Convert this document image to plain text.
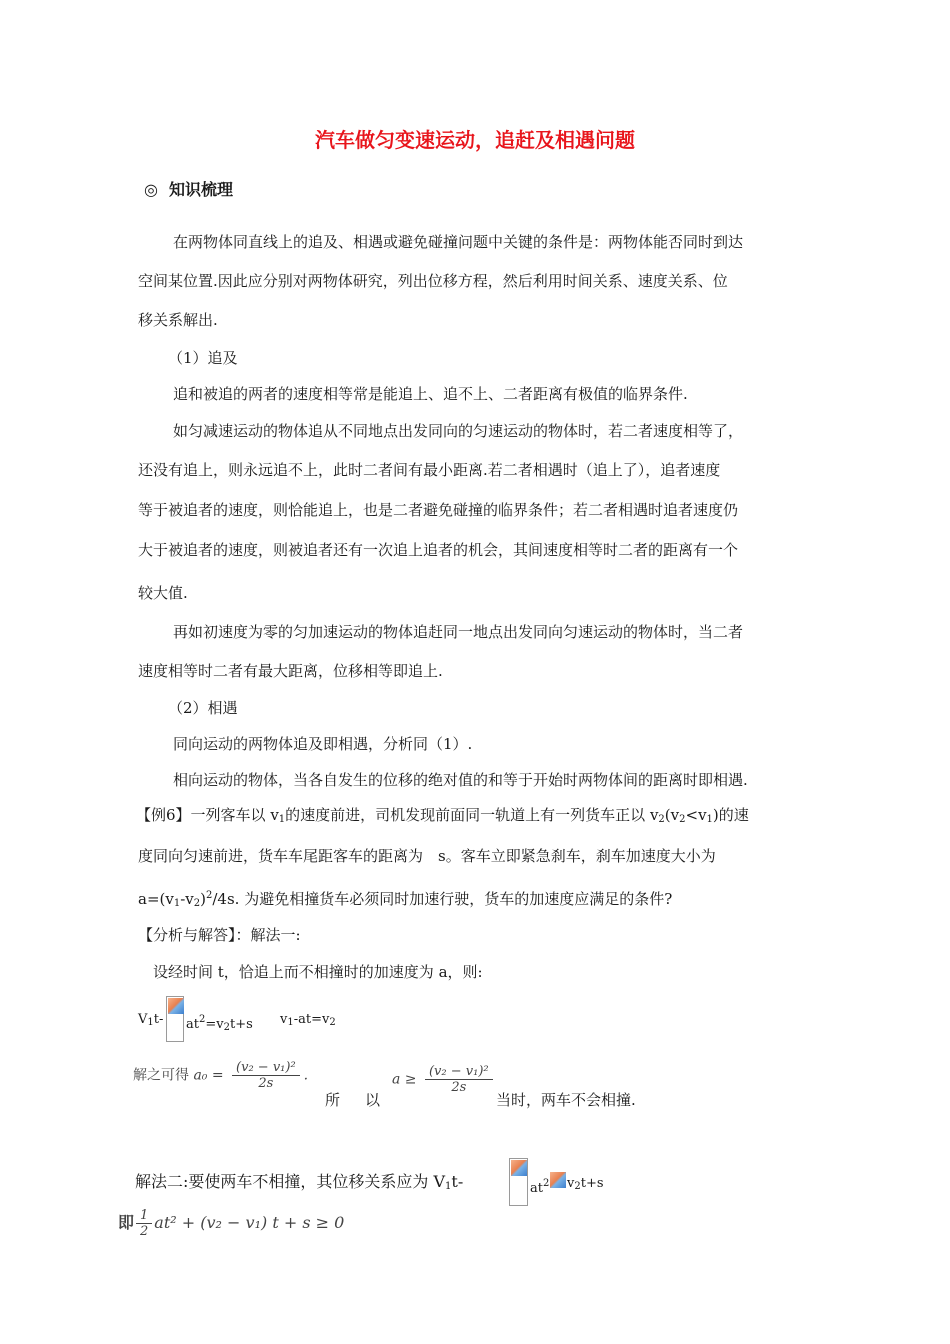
汽车做匀变速运动，追赶及相遇问题
◎ 知识梳理
在两物体同直线上的追及、相遇或避免碰撞问题中关键的条件是：两物体能否同时到达
空间某位置.因此应分别对两物体研究，列出位移方程，然后利用时间关系、速度关系、位
移关系解出.
（1）追及
追和被追的两者的速度相等常是能追上、追不上、二者距离有极值的临界条件.
如匀减速运动的物体追从不同地点出发同向的匀速运动的物体时，若二者速度相等了，
还没有追上，则永远追不上，此时二者间有最小距离.若二者相遇时（追上了），追者速度
等于被追者的速度，则恰能追上，也是二者避免碰撞的临界条件；若二者相遇时追者速度仍
大于被追者的速度，则被追者还有一次追上追者的机会，其间速度相等时二者的距离有一个
较大值.
再如初速度为零的匀加速运动的物体追赶同一地点出发同向匀速运动的物体时，当二者
速度相等时二者有最大距离，位移相等即追上.
（2）相遇
同向运动的两物体追及即相遇，分析同（1）.
相向运动的物体，当各自发生的位移的绝对值的和等于开始时两物体间的距离时即相遇.
【例6】一列客车以 $v_1$的速度前进，司机发现前面同一轨道上有一列货车正以 $v_2(v_2<v_1)$的速
度同向匀速前进，货车车尾距客车的距离为　s。客车立即紧急刹车，刹车加速度大小为
$a=(v_1-v_2)^2/4s$. 为避免相撞货车必须同时加速行驶，货车的加速度应满足的条件?
【分析与解答】：解法一:
设经时间 t，恰追上而不相撞时的加速度为 a，则:
$V_1t-$ $at^2=v_2t+s$ $v_1-at=v_2$
解之可得 $a_0 = \frac{\text{(v₂ − v₁)²}}{2s}$ .
所 以
$a \ge \frac{\text{(v₂ − v₁)²}}{2s}$
当时，两车不会相撞.
解法二:要使两车不相撞，其位移关系应为 $V_1t-$	$at^2$ $v_2t+s$
即 $\frac{1}{2} at^2 + (v_2 - v_1) t + s \ge 0$
